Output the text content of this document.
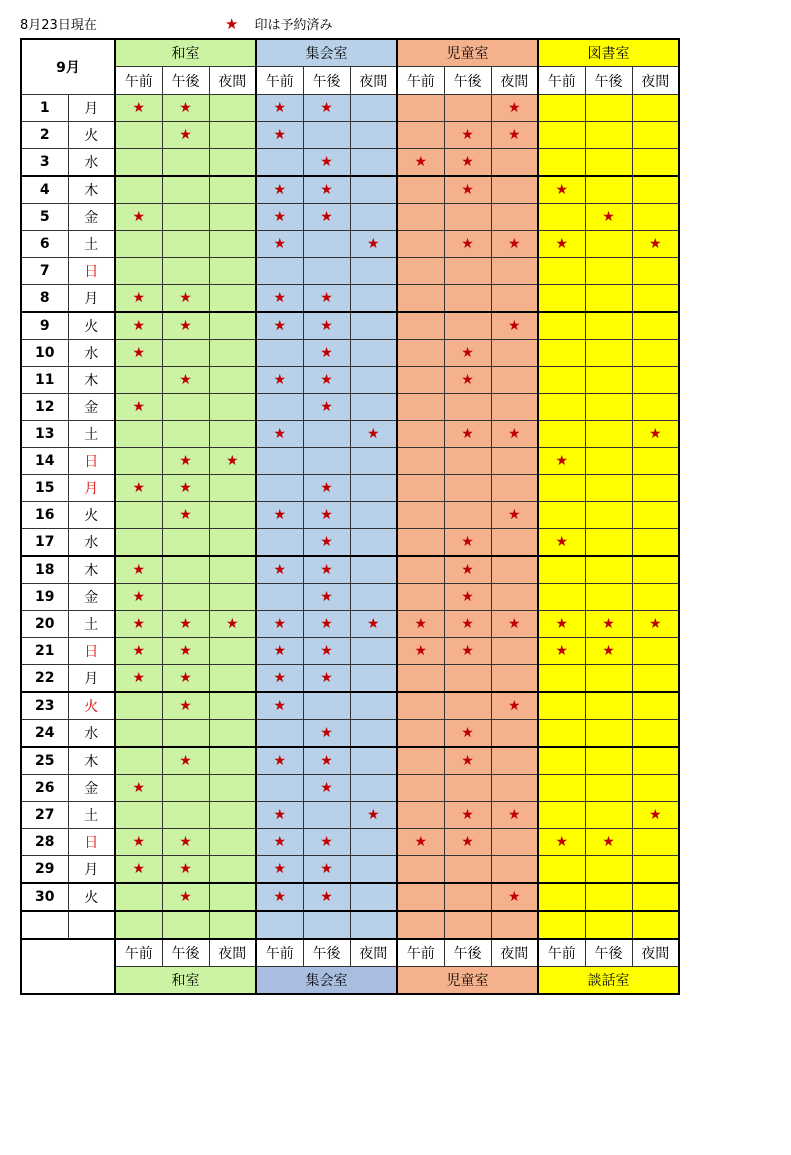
8月23日現在	★ 印は予約済み
9月		和室			集会室			児童室			図書室		
		午前	午後	夜間	午前	午後	夜間	午前	午後	夜間	午前	午後	夜間
1	月	★	★		★	★				★			
2	火		★		★				★	★			
3	水					★		★	★				
4	木				★	★			★		★		
5	金	★			★	★						★	
6	土				★		★		★	★	★		★
7	日												
8	月	★	★		★	★							
9	火	★	★		★	★				★			
10	水	★				★			★				
11	木		★		★	★			★				
12	金	★				★							
13	土				★		★		★	★			★
14	日		★	★							★		
15	月	★	★			★							
16	火		★		★	★				★			
17	水					★			★		★		
18	木	★			★	★			★				
19	金	★				★			★				
20	土	★	★	★	★	★	★	★	★	★	★	★	★
21	日	★	★		★	★		★	★		★	★	
22	月	★	★		★	★							
23	火		★		★					★			
24	水					★			★				
25	木		★		★	★			★				
26	金	★				★							
27	土				★		★		★	★			★
28	日	★	★		★	★		★	★		★	★	
29	月	★	★		★	★							
30	火		★		★	★				★			

		午前	午後	夜間	午前	午後	夜間	午前	午後	夜間	午前	午後	夜間
		和室			集会室			児童室			談話室		
